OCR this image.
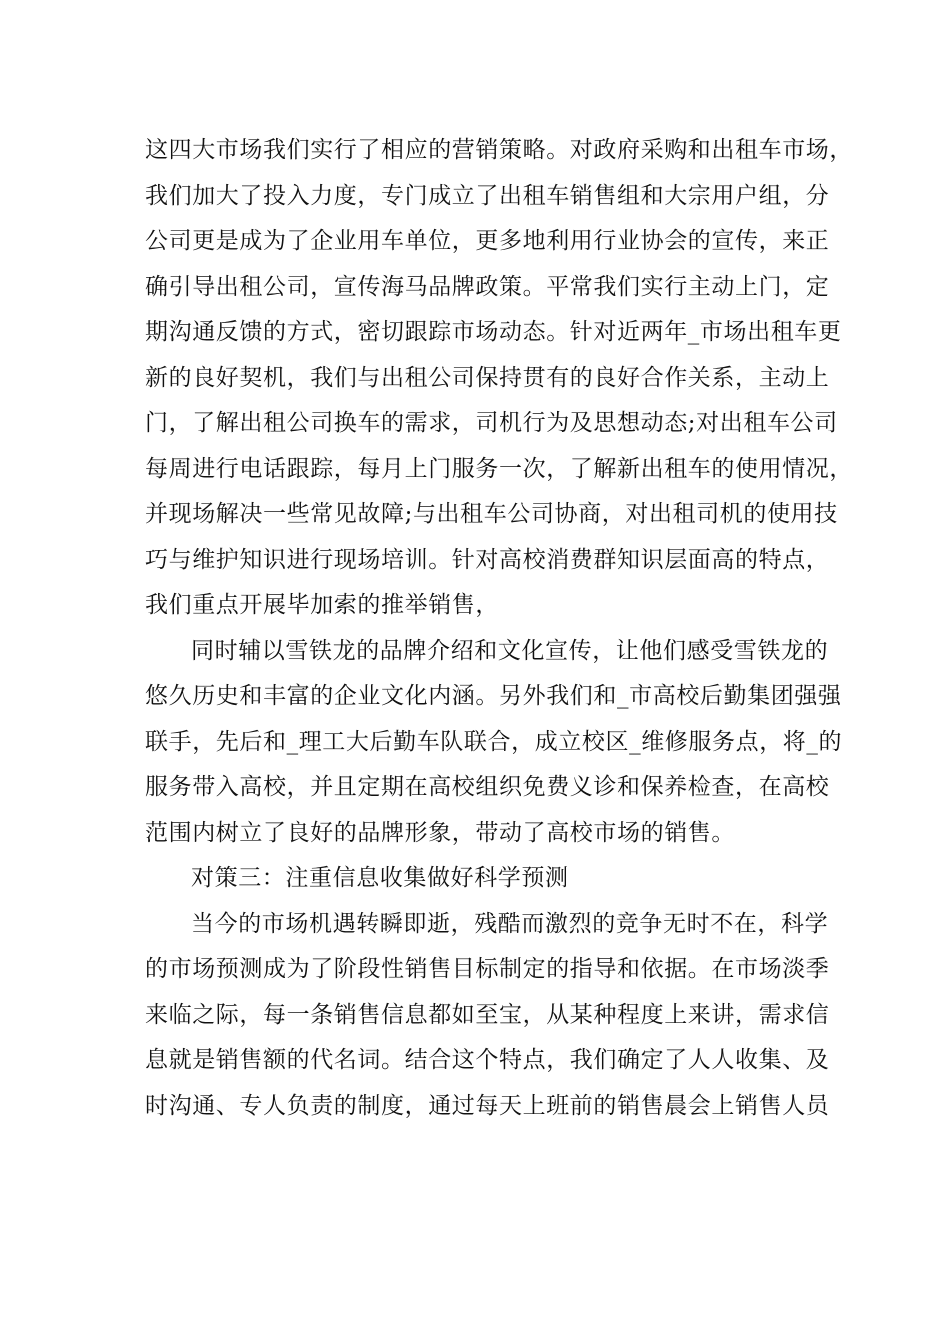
这四大市场我们实行了相应的营销策略。对政府采购和出租车市场，
我们加大了投入力度，专门成立了出租车销售组和大宗用户组，分
公司更是成为了企业用车单位，更多地利用行业协会的宣传，来正
确引导出租公司，宣传海马品牌政策。平常我们实行主动上门，定
期沟通反馈的方式，密切跟踪市场动态。针对近两年_市场出租车更
新的良好契机，我们与出租公司保持贯有的良好合作关系，主动上
门，了解出租公司换车的需求，司机行为及思想动态;对出租车公司
每周进行电话跟踪，每月上门服务一次，了解新出租车的使用情况，
并现场解决一些常见故障;与出租车公司协商，对出租司机的使用技
巧与维护知识进行现场培训。针对高校消费群知识层面高的特点，
我们重点开展毕加索的推举销售，
同时辅以雪铁龙的品牌介绍和文化宣传，让他们感受雪铁龙的
悠久历史和丰富的企业文化内涵。另外我们和_市高校后勤集团强强
联手，先后和_理工大后勤车队联合，成立校区_维修服务点，将_的
服务带入高校，并且定期在高校组织免费义诊和保养检查，在高校
范围内树立了良好的品牌形象，带动了高校市场的销售。
对策三：注重信息收集做好科学预测
当今的市场机遇转瞬即逝，残酷而激烈的竞争无时不在，科学
的市场预测成为了阶段性销售目标制定的指导和依据。在市场淡季
来临之际，每一条销售信息都如至宝，从某种程度上来讲，需求信
息就是销售额的代名词。结合这个特点，我们确定了人人收集、及
时沟通、专人负责的制度，通过每天上班前的销售晨会上销售人员
